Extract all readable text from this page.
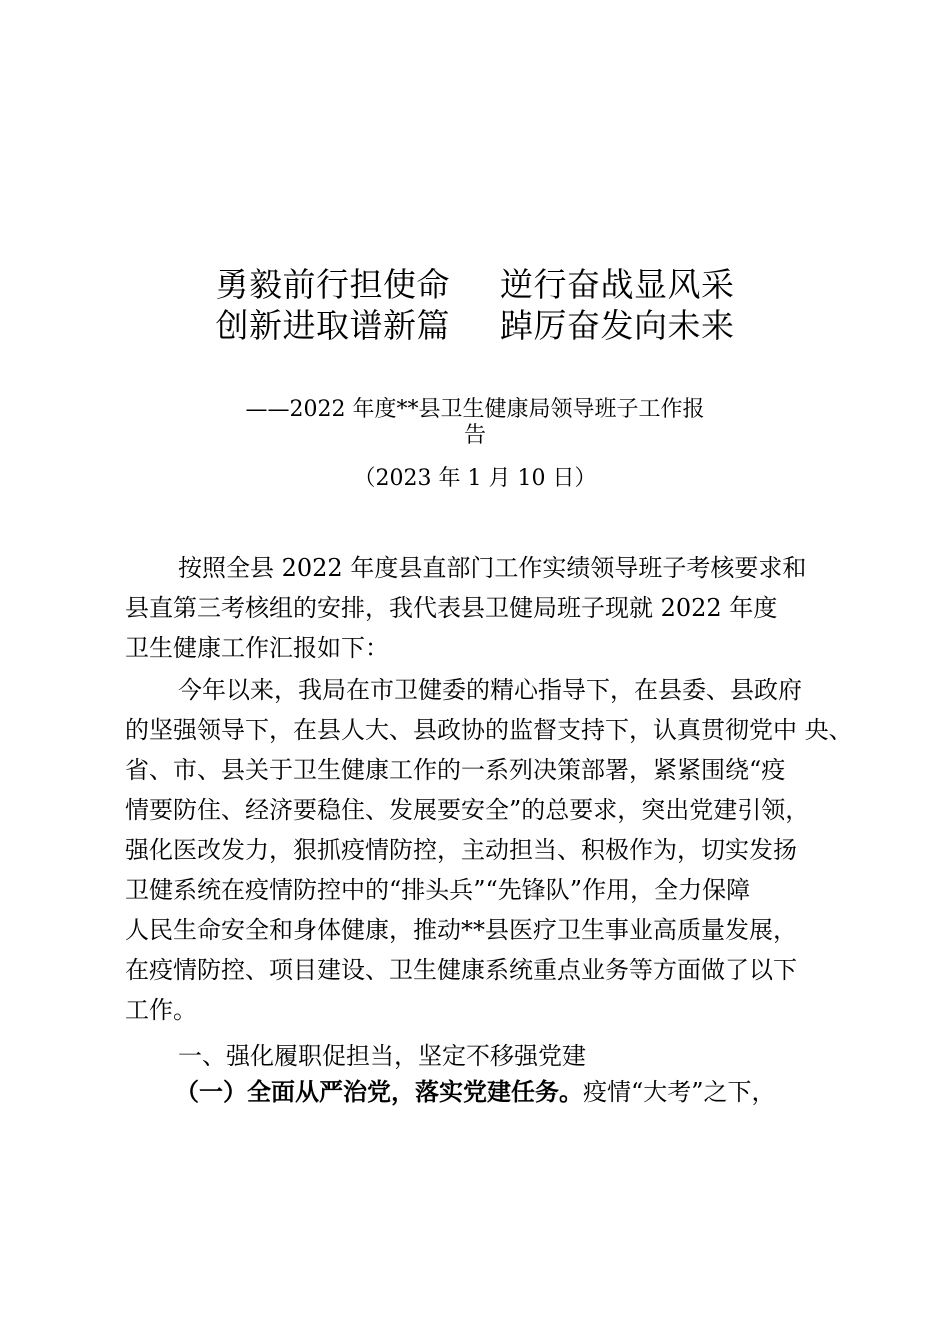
勇毅前行担使命 逆行奋战显风采
创新进取谱新篇 踔厉奋发向未来
——2022 年度**县卫生健康局领导班子工作报
告
（2023 年 1 月 10 日）
按照全县 2022 年度县直部门工作实绩领导班子考核要求和
县直第三考核组的安排，我代表县卫健局班子现就 2022 年度
卫生健康工作汇报如下：
今年以来，我局在市卫健委的精心指导下，在县委、县政府
的坚强领导下，在县人大、县政协的监督支持下，认真贯彻党中 央、
省、市、县关于卫生健康工作的一系列决策部署，紧紧围绕“疫
情要防住、经济要稳住、发展要安全”的总要求，突出党建引领，
强化医改发力，狠抓疫情防控，主动担当、积极作为，切实发扬
卫健系统在疫情防控中的“排头兵”“先锋队”作用，全力保障
人民生命安全和身体健康，推动**县医疗卫生事业高质量发展，
在疫情防控、项目建设、卫生健康系统重点业务等方面做了以下
工作。
一、强化履职促担当，坚定不移强党建
（一）全面从严治党，落实党建任务。疫情“大考”之下，
